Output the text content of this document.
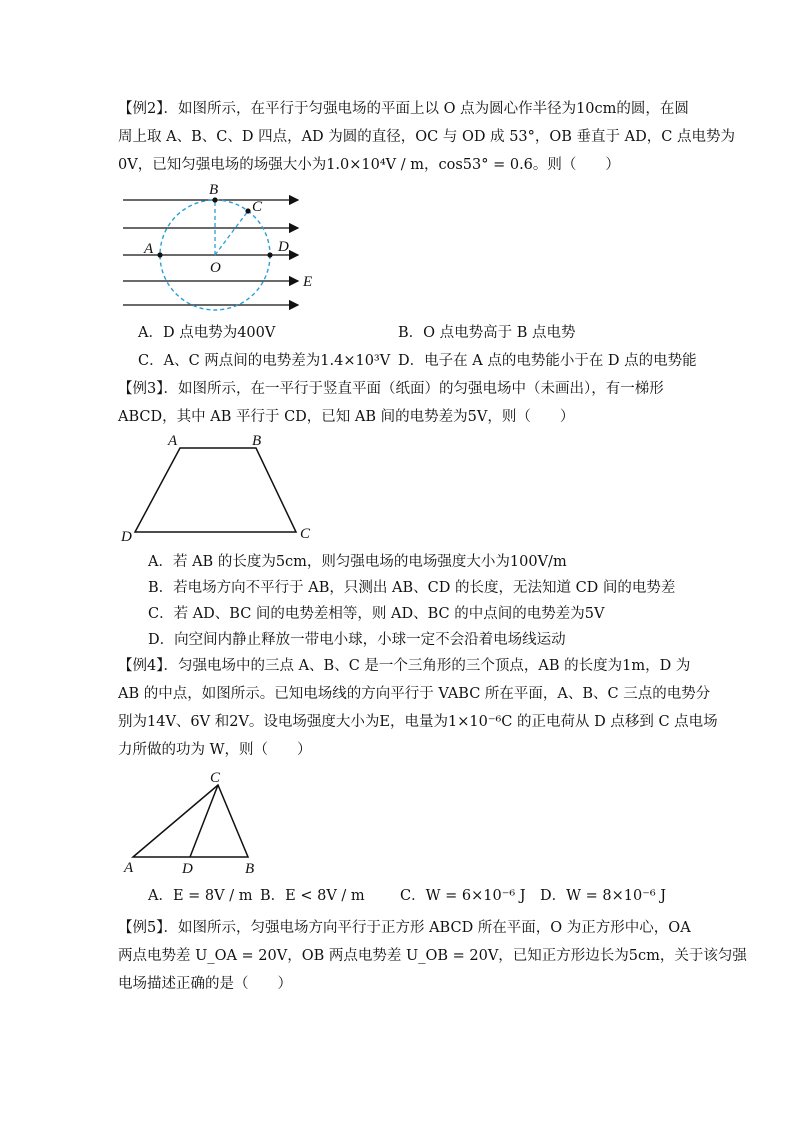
【例2】．如图所示，在平行于匀强电场的平面上以 O 点为圆心作半径为10cm的圆，在圆
周上取 A、B、C、D 四点，AD 为圆的直径，OC 与 OD 成 53°，OB 垂直于 AD，C 点电势为
0V，已知匀强电场的场强大小为1.0×10⁴V / m，cos53° = 0.6。则（　　）
B
C
A	D
O
E
A．D 点电势为400V	B．O 点电势高于 B 点电势
C．A、C 两点间的电势差为1.4×10³V D．电子在 A 点的电势能小于在 D 点的电势能
【例3】．如图所示，在一平行于竖直平面（纸面）的匀强电场中（未画出），有一梯形
ABCD，其中 AB 平行于 CD，已知 AB 间的电势差为5V，则（　　）
A	B
C
D
A．若 AB 的长度为5cm，则匀强电场的电场强度大小为100V/m
B．若电场方向不平行于 AB，只测出 AB、CD 的长度，无法知道 CD 间的电势差
C．若 AD、BC 间的电势差相等，则 AD、BC 的中点间的电势差为5V
D．向空间内静止释放一带电小球，小球一定不会沿着电场线运动
【例4】．匀强电场中的三点 A、B、C 是一个三角形的三个顶点，AB 的长度为1m，D 为
AB 的中点，如图所示。已知电场线的方向平行于 VABC 所在平面，A、B、C 三点的电势分
别为14V、6V 和2V。设电场强度大小为E，电量为1×10⁻⁶C 的正电荷从 D 点移到 C 点电场
力所做的功为 W，则（　　）
C
A	D	B
A．E = 8V / m B．E < 8V / m C．W = 6×10⁻⁶ J D．W = 8×10⁻⁶ J
【例5】．如图所示，匀强电场方向平行于正方形 ABCD 所在平面，O 为正方形中心，OA
两点电势差 U_OA = 20V，OB 两点电势差 U_OB = 20V，已知正方形边长为5cm，关于该匀强
电场描述正确的是（　　）
